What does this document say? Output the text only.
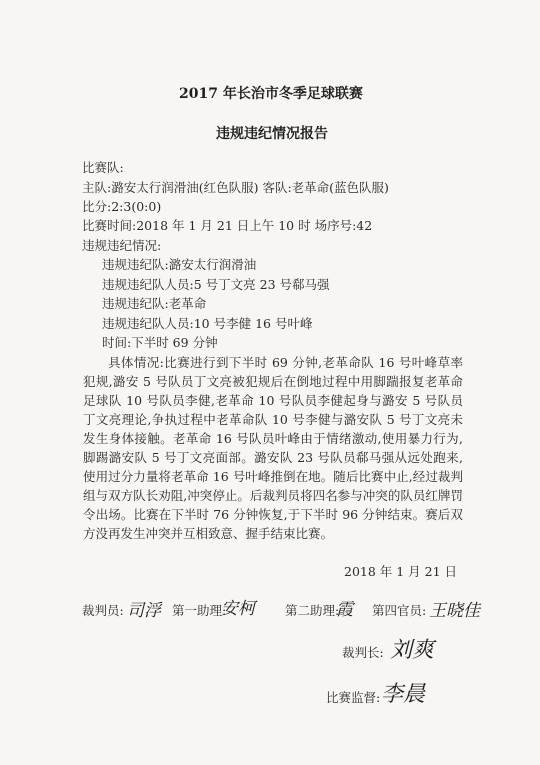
2017 年长治市冬季足球联赛
违规违纪情况报告
比赛队:
主队:潞安太行润滑油(红色队服) 客队:老革命(蓝色队服)
比分:2:3(0:0)
比赛时间:2018 年 1 月 21 日上午 10 时 场序号:42
违规违纪情况:
违规违纪队:潞安太行润滑油
违规违纪队人员:5 号丁文亮 23 号郗马强
违规违纪队:老革命
违规违纪队人员:10 号李健 16 号叶峰
时间:下半时 69 分钟
具体情况:比赛进行到下半时 69 分钟,老革命队 16 号叶峰草率犯规,潞安 5 号队员丁文亮被犯规后在倒地过程中用脚踹报复老革命足球队 10 号队员李健,老革命 10 号队员李健起身与潞安 5 号队员丁文亮理论,争执过程中老革命队 10 号李健与潞安队 5 号丁文亮未发生身体接触。老革命 16 号队员叶峰由于情绪激动,使用暴力行为,脚踢潞安队 5 号丁文亮面部。潞安队 23 号队员郗马强从远处跑来,使用过分力量将老革命 16 号叶峰推倒在地。随后比赛中止,经过裁判组与双方队长劝阻,冲突停止。后裁判员将四名参与冲突的队员红牌罚令出场。比赛在下半时 76 分钟恢复,于下半时 96 分钟结束。赛后双方没再发生冲突并互相致意、握手结束比赛。
2018 年 1 月 21 日
裁判员: 司浮 第一助理:
安柯 第二助理:
霞 第四官员: 王晓佳
裁判长: 刘爽
比赛监督: 李晨
